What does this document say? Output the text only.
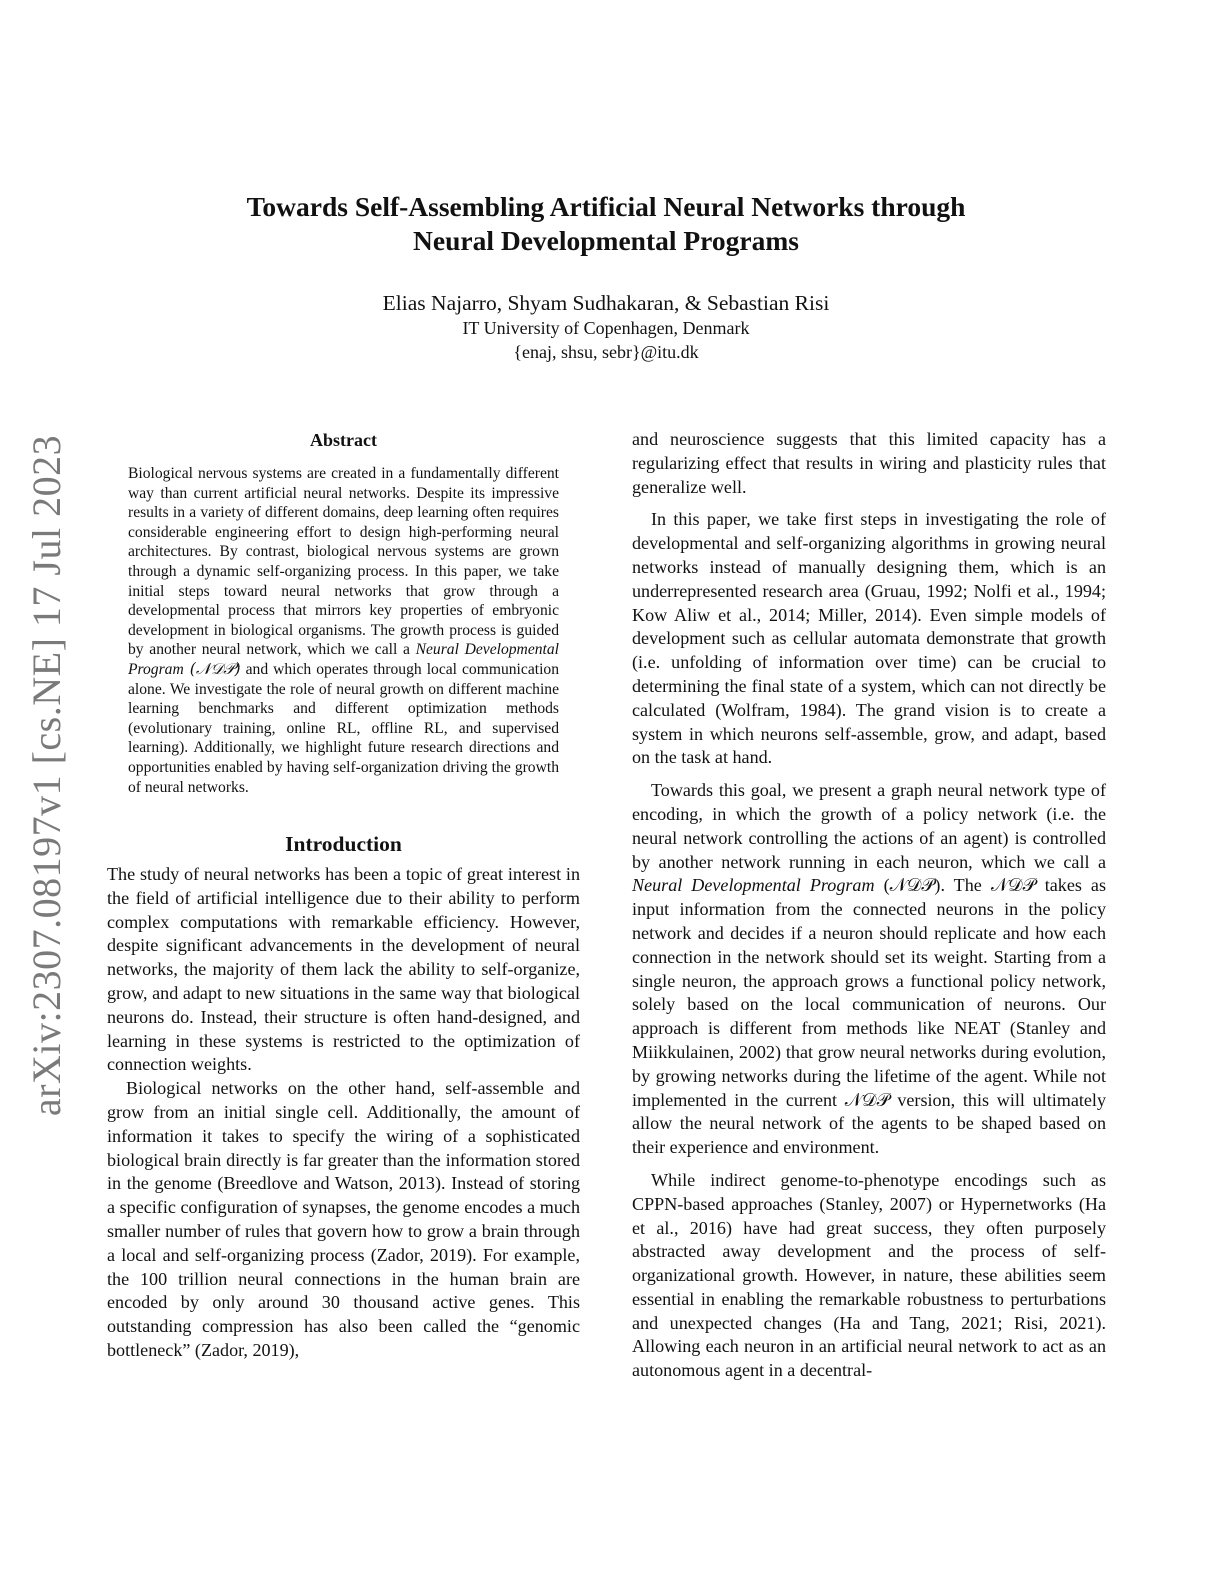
arXiv:2307.08197v1 [cs.NE] 17 Jul 2023
Towards Self-Assembling Artificial Neural Networks through
Neural Developmental Programs
Elias Najarro, Shyam Sudhakaran, & Sebastian Risi
IT University of Copenhagen, Denmark
{enaj, shsu, sebr}@itu.dk
Abstract

Biological nervous systems are created in a fundamentally different way than current artificial neural networks. Despite its impressive results in a variety of different domains, deep learning often requires considerable engineering effort to design high-performing neural architectures. By contrast, biological nervous systems are grown through a dynamic self-organizing process. In this paper, we take initial steps toward neural networks that grow through a developmental process that mirrors key properties of embryonic development in biological organisms. The growth process is guided by another neural network, which we call a Neural Developmental Program (𝒩𝒟𝒫) and which operates through local communication alone. We investigate the role of neural growth on different machine learning benchmarks and different optimization methods (evolutionary training, online RL, offline RL, and supervised learning). Additionally, we highlight future research directions and opportunities enabled by having self-organization driving the growth of neural networks.

Introduction

The study of neural networks has been a topic of great interest in the field of artificial intelligence due to their ability to perform complex computations with remarkable efficiency. However, despite significant advancements in the development of neural networks, the majority of them lack the ability to self-organize, grow, and adapt to new situations in the same way that biological neurons do. Instead, their structure is often hand-designed, and learning in these systems is restricted to the optimization of connection weights.

Biological networks on the other hand, self-assemble and grow from an initial single cell. Additionally, the amount of information it takes to specify the wiring of a sophisticated biological brain directly is far greater than the information stored in the genome (Breedlove and Watson, 2013). Instead of storing a specific configuration of synapses, the genome encodes a much smaller number of rules that govern how to grow a brain through a local and self-organizing process (Zador, 2019). For example, the 100 trillion neural connections in the human brain are encoded by only around 30 thousand active genes. This outstanding compression has also been called the “genomic bottleneck” (Zador, 2019),

and neuroscience suggests that this limited capacity has a regularizing effect that results in wiring and plasticity rules that generalize well.

In this paper, we take first steps in investigating the role of developmental and self-organizing algorithms in growing neural networks instead of manually designing them, which is an underrepresented research area (Gruau, 1992; Nolfi et al., 1994; Kow Aliw et al., 2014; Miller, 2014). Even simple models of development such as cellular automata demonstrate that growth (i.e. unfolding of information over time) can be crucial to determining the final state of a system, which can not directly be calculated (Wolfram, 1984). The grand vision is to create a system in which neurons self-assemble, grow, and adapt, based on the task at hand.

Towards this goal, we present a graph neural network type of encoding, in which the growth of a policy network (i.e. the neural network controlling the actions of an agent) is controlled by another network running in each neuron, which we call a Neural Developmental Program (𝒩𝒟𝒫). The 𝒩𝒟𝒫 takes as input information from the connected neurons in the policy network and decides if a neuron should replicate and how each connection in the network should set its weight. Starting from a single neuron, the approach grows a functional policy network, solely based on the local communication of neurons. Our approach is different from methods like NEAT (Stanley and Miikkulainen, 2002) that grow neural networks during evolution, by growing networks during the lifetime of the agent. While not implemented in the current 𝒩𝒟𝒫 version, this will ultimately allow the neural network of the agents to be shaped based on their experience and environment.

While indirect genome-to-phenotype encodings such as CPPN-based approaches (Stanley, 2007) or Hypernetworks (Ha et al., 2016) have had great success, they often purposely abstracted away development and the process of self-organizational growth. However, in nature, these abilities seem essential in enabling the remarkable robustness to perturbations and unexpected changes (Ha and Tang, 2021; Risi, 2021). Allowing each neuron in an artificial neural network to act as an autonomous agent in a decentral-
